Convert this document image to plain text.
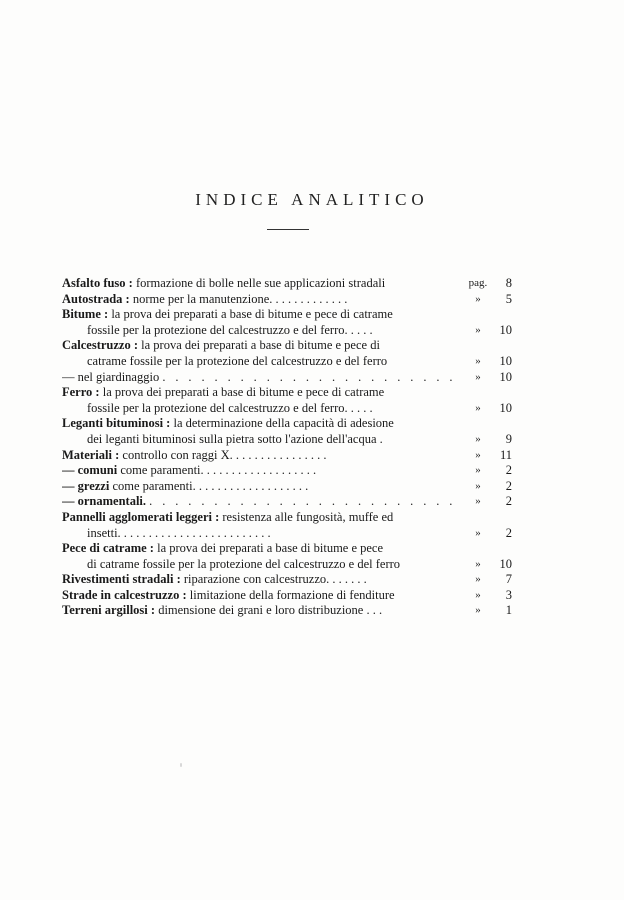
INDICE ANALITICO
Asfalto fuso : formazione di bolle nelle sue applicazioni stradali	pag.	8
Autostrada : norme per la manutenzione. . . . . . . . . . . . .	»	5
Bitume : la prova dei preparati a base di bitume e pece di catrame
fossile per la protezione del calcestruzzo e del ferro. . . . .	»	10
Calcestruzzo : la prova dei preparati a base di bitume e pece di
catrame fossile per la protezione del calcestruzzo e del ferro	»	10
— nel giardinaggio . . . . . . . . . . . . . . . . . . . . . . .	»	10
Ferro : la prova dei preparati a base di bitume e pece di catrame
fossile per la protezione del calcestruzzo e del ferro. . . . .	»	10
Leganti bituminosi : la determinazione della capacità di adesione
dei leganti bituminosi sulla pietra sotto l'azione dell'acqua .	»	9
Materiali : controllo con raggi X. . . . . . . . . . . . . . . .	»	11
— comuni come paramenti. . . . . . . . . . . . . . . . . . .	»	2
— grezzi come paramenti. . . . . . . . . . . . . . . . . . .	»	2
— ornamentali. . . . . . . . . . . . . . . . . . . . . . . . .	»	2
Pannelli agglomerati leggeri : resistenza alle fungosità, muffe ed
insetti. . . . . . . . . . . . . . . . . . . . . . . . .	»	2
Pece di catrame : la prova dei preparati a base di bitume e pece
di catrame fossile per la protezione del calcestruzzo e del ferro	»	10
Rivestimenti stradali : riparazione con calcestruzzo. . . . . . .	»	7
Strade in calcestruzzo : limitazione della formazione di fenditure	»	3
Terreni argillosi : dimensione dei grani e loro distribuzione . . .	»	1
